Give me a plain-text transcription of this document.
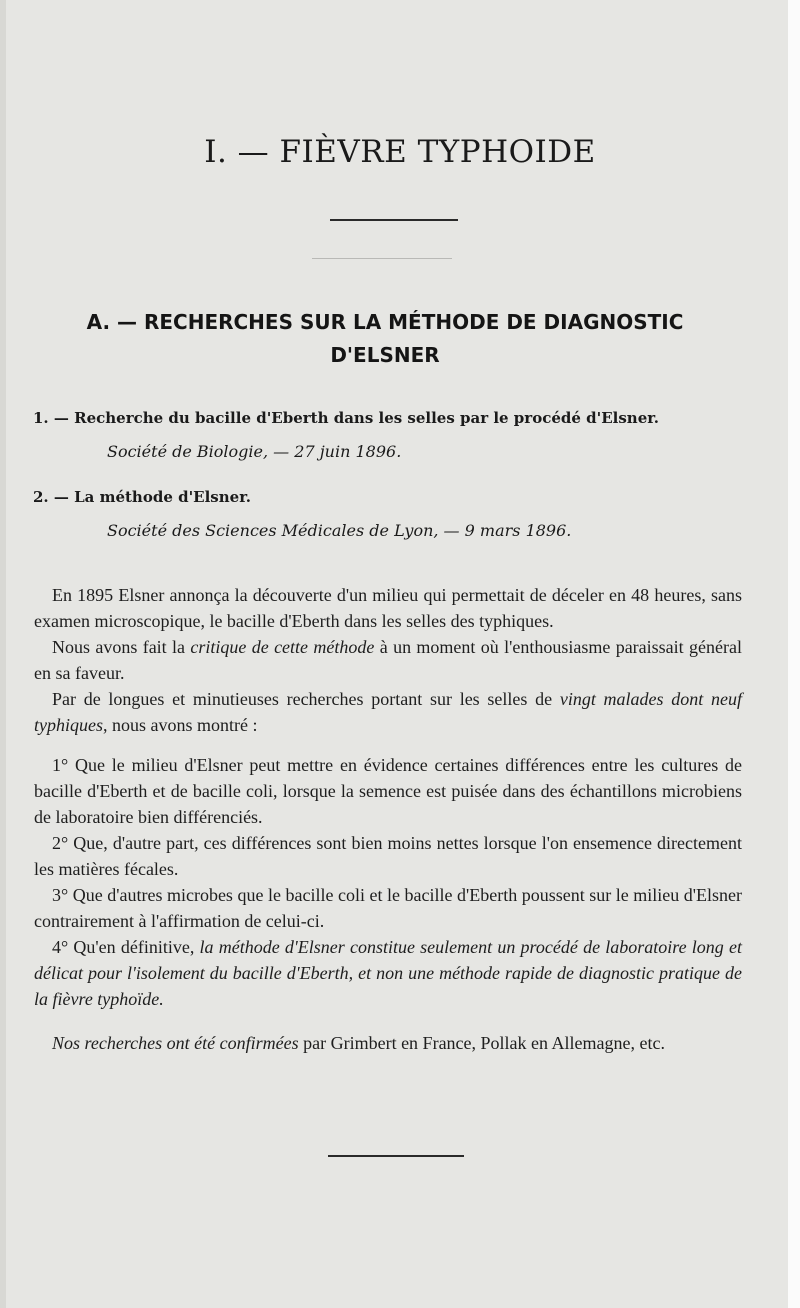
I. — FIÈVRE TYPHOIDE
A. — RECHERCHES SUR LA MÉTHODE DE DIAGNOSTIC
D'ELSNER
1. — Recherche du bacille d'Eberth dans les selles par le procédé d'Elsner.
Société de Biologie, — 27 juin 1896.
2. — La méthode d'Elsner.
Société des Sciences Médicales de Lyon, — 9 mars 1896.

En 1895 Elsner annonça la découverte d'un milieu qui permettait de déceler en 48 heures, sans examen microscopique, le bacille d'Eberth dans les selles des typhiques.

Nous avons fait la critique de cette méthode à un moment où l'enthousiasme paraissait général en sa faveur.

Par de longues et minutieuses recherches portant sur les selles de vingt malades dont neuf typhiques, nous avons montré :

1° Que le milieu d'Elsner peut mettre en évidence certaines différences entre les cultures de bacille d'Eberth et de bacille coli, lorsque la semence est puisée dans des échantillons microbiens de laboratoire bien différenciés.

2° Que, d'autre part, ces différences sont bien moins nettes lorsque l'on ensemence directement les matières fécales.

3° Que d'autres microbes que le bacille coli et le bacille d'Eberth poussent sur le milieu d'Elsner contrairement à l'affirmation de celui-ci.

4° Qu'en définitive, la méthode d'Elsner constitue seulement un procédé de laboratoire long et délicat pour l'isolement du bacille d'Eberth, et non une méthode rapide de diagnostic pratique de la fièvre typhoïde.

Nos recherches ont été confirmées par Grimbert en France, Pollak en Allemagne, etc.
